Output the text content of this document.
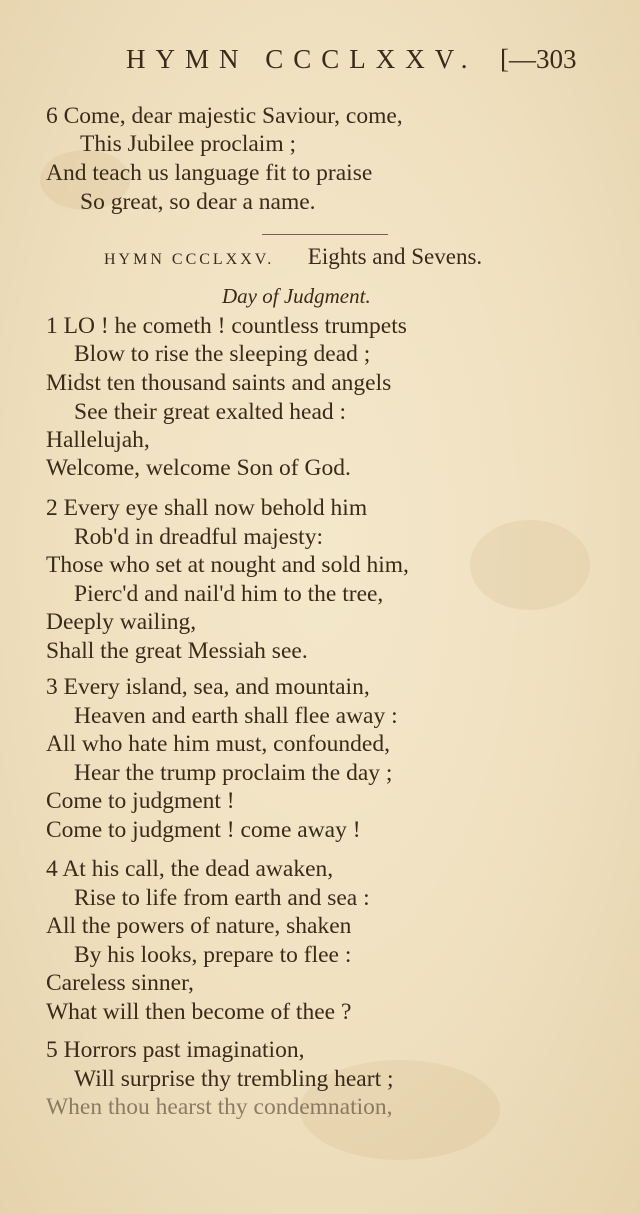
HYMN CCCLXXV. [—303
6 Come, dear majestic Saviour, come,
This Jubilee proclaim ;
And teach us language fit to praise
So great, so dear a name.
HYMN CCCLXXV. Eights and Sevens.
Day of Judgment.
1 LO ! he cometh ! countless trumpets
Blow to rise the sleeping dead ;
Midst ten thousand saints and angels
See their great exalted head :
Hallelujah,
Welcome, welcome Son of God.
2 Every eye shall now behold him
Rob'd in dreadful majesty:
Those who set at nought and sold him,
Pierc'd and nail'd him to the tree,
Deeply wailing,
Shall the great Messiah see.
3 Every island, sea, and mountain,
Heaven and earth shall flee away :
All who hate him must, confounded,
Hear the trump proclaim the day ;
Come to judgment !
Come to judgment ! come away !
4 At his call, the dead awaken,
Rise to life from earth and sea :
All the powers of nature, shaken
By his looks, prepare to flee :
Careless sinner,
What will then become of thee ?
5 Horrors past imagination,
Will surprise thy trembling heart ;
When thou hearst thy condemnation,
